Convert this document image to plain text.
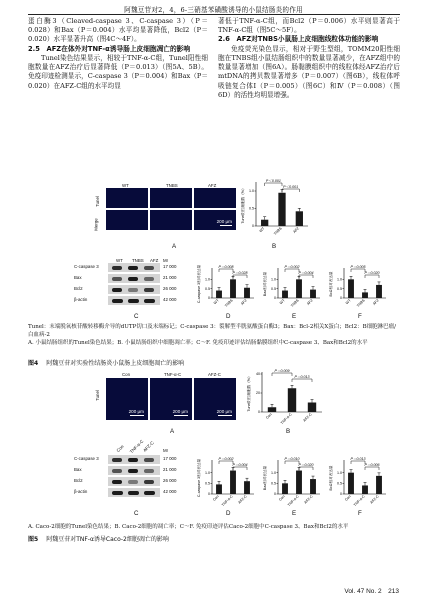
阿魏豆苷对2，4，6-三硝基苯磺酸诱导的小鼠结肠炎的作用

蛋白酶3（Cleaved-caspase 3、C-caspase 3）（P＝0.028）和Bax（P＝0.004）水平均显著降低，Bcl2（P＝0.020）水平显著升高（图4C～4F）。

2.5　AFZ在体外对TNF-α诱导肠上皮细胞凋亡的影响

Tunel染色结果显示，相较于TNF-α-C组，Tunel阳性细胞数量在AFZ治疗后显著降低（P＝0.013）（图5A、5B）。免疫印迹检测显示，C-caspase 3（P＝0.004）和Bax（P＝0.020）在AFZ-C组的水平均显

著低于TNF-α-C组，而Bcl2（P＝0.006）水平则显著高于TNF-α-C组（图5C～5F）。

2.6　AFZ对TNBS小鼠肠上皮细胞线粒体功能的影响

免疫荧光染色显示，相对于野生型组，TOMM20阳性细胞在TNBS组小鼠结肠组织中的数量显著减少，在AFZ组中的数量显著增加（图6A）。肠黏膜组织中的线粒体经AFZ治疗后mtDNA的拷贝数显著增多（P＝0.007）（图6B），线粒体呼吸链复合体Ⅰ（P＝0.005）（图6C）和Ⅳ（P＝0.008）（图6D）的活性均明显增强。

WT	TNBS	AFZ
Tunel
Merge	200 μm
A
Tunel阳性细胞数（%）
0
0.5
1.0
WT TNBS	AFZ
P＜0.001
P＜0.001
B
WT TNBS AFZ Mr
C-caspase 3	17 000
Bax	21 000
Bcl2	26 000
β-actin	42 000
C
C-caspase 3相对表达量 0
0.5
1.0
WT TNBS AFZ
P＝0.008
P＝0.028	Bax相对表达量
0
0.5
1.0
WT TNBS AFZ
P＝0.002
P＝0.004	Bcl2相对表达量
0
0.5
1.0
WT TNBS AFZ
P＝0.005
P＝0.020
D	E	F
Tunel：末端脱氧核苷酸转移酶介导的dUTP切口及末端标记；C-caspase 3：裂解型半胱氨酸蛋白酶3；Bax：Bcl-2相关X蛋白；Bcl2：B细胞淋巴瘤/白血病-2
A. 小鼠结肠组织的Tunel染色结果；B. 小鼠结肠组织中细胞凋亡率；C～F. 免疫印迹评估结肠黏膜组织中C-caspase 3、Bax和Bcl2的水平
图4 阿魏豆苷对实验性结肠炎小鼠肠上皮细胞凋亡的影响
Con	TNF-α-C	AFZ-C
Tunel
200 μm	200 μm	200 μm
A
Tunel阳性细胞数（%）
0
20
40
Con TNF-α-C	AFZ-C
P＝0.009
P＝0.013
B
Con TNF-α-C
AFZ-C Mr
C-caspase 3	17 000
Bax	21 000
Bcl2	26 000
β-actin	42 000
C
C-caspase 3相对表达量 0
0.5
1.0
Con TNF-α-C AFZ-C
P＝0.002
P＝0.004
Bax相对表达量
0
0.5
1.0
Con TNF-α-C AFZ-C
P＝0.010
P＝0.020
Bcl2相对表达量
0
0.5
1.0
Con TNF-α-C AFZ-C
P＝0.013
P＝0.006
D	E	F
A. Caco-2细胞的Tunel染色结果；B. Caco-2细胞的凋亡率；C～F. 免疫印迹评估Caco-2细胞中C-caspase 3、Bax和Bcl2的水平
图5 阿魏豆苷对TNF-α诱导Caco-2细胞凋亡的影响
Vol. 47 No. 2　213
